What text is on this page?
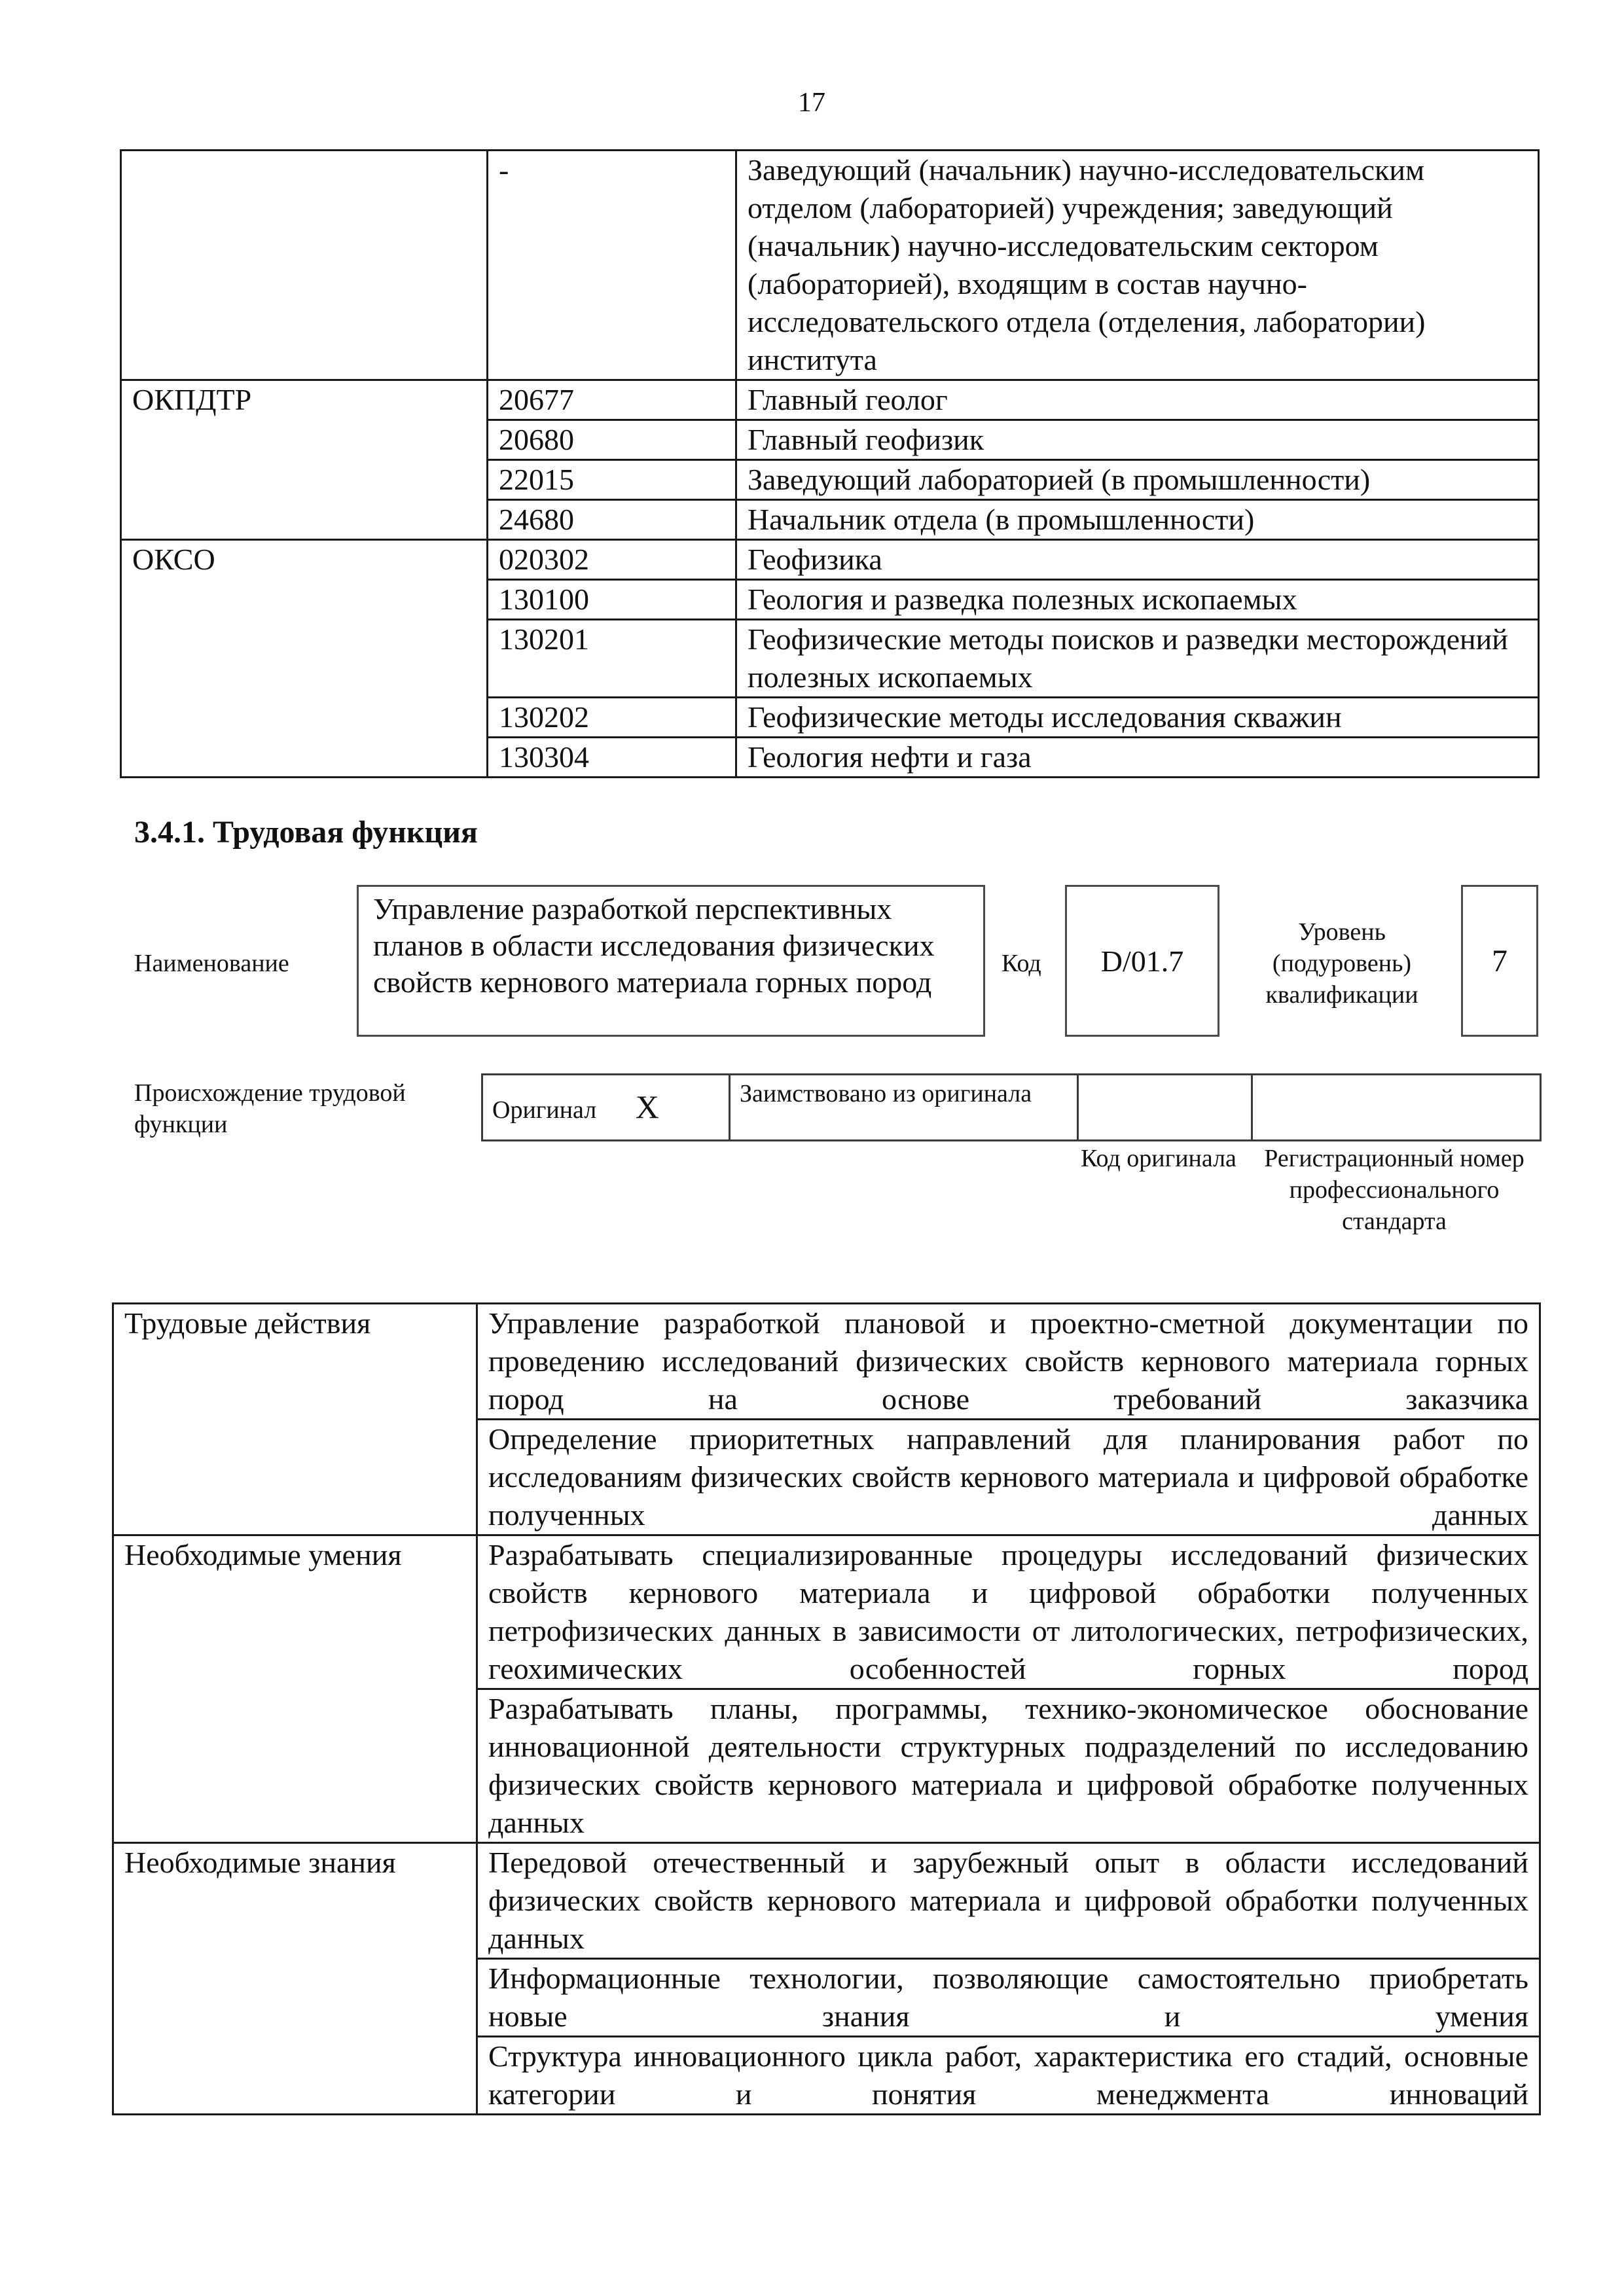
17
	-	Заведующий (начальник) научно-исследовательским отделом (лабораторией) учреждения; заведующий (начальник) научно-исследовательским сектором (лабораторией), входящим в состав научно-исследовательского отдела (отделения, лаборатории) института
ОКПДТР	20677	Главный геолог
	20680	Главный геофизик
	22015	Заведующий лабораторией (в промышленности)
	24680	Начальник отдела (в промышленности)
ОКСО	020302	Геофизика
	130100	Геология и разведка полезных ископаемых
	130201	Геофизические методы поисков и разведки месторождений полезных ископаемых
	130202	Геофизические методы исследования скважин
	130304	Геология нефти и газа
3.4.1. Трудовая функция
Наименование
Управление разработкой перспективных планов в области исследования физических свойств кернового материала горных пород
Код	D/01.7
Уровень (подуровень) квалификации
7
Происхождение трудовой функции
Оригинал X	Заимствовано из оригинала		
Код оригинала Регистрационный номер профессионального стандарта
Трудовые действия	Управление разработкой плановой и проектно-сметной документации по проведению исследований физических свойств кернового материала горных пород на основе требований заказчика
	Определение приоритетных направлений для планирования работ по исследованиям физических свойств кернового материала и цифровой обработке полученных данных
Необходимые умения	Разрабатывать специализированные процедуры исследований физических свойств кернового материала и цифровой обработки полученных петрофизических данных в зависимости от литологических, петрофизических, геохимических особенностей горных пород
	Разрабатывать планы, программы, технико-экономическое обоснование инновационной деятельности структурных подразделений по исследованию физических свойств кернового материала и цифровой обработке полученных данных
Необходимые знания	Передовой отечественный и зарубежный опыт в области исследований физических свойств кернового материала и цифровой обработки полученных данных
	Информационные технологии, позволяющие самостоятельно приобретать новые знания и умения
	Структура инновационного цикла работ, характеристика его стадий, основные категории и понятия менеджмента инноваций
